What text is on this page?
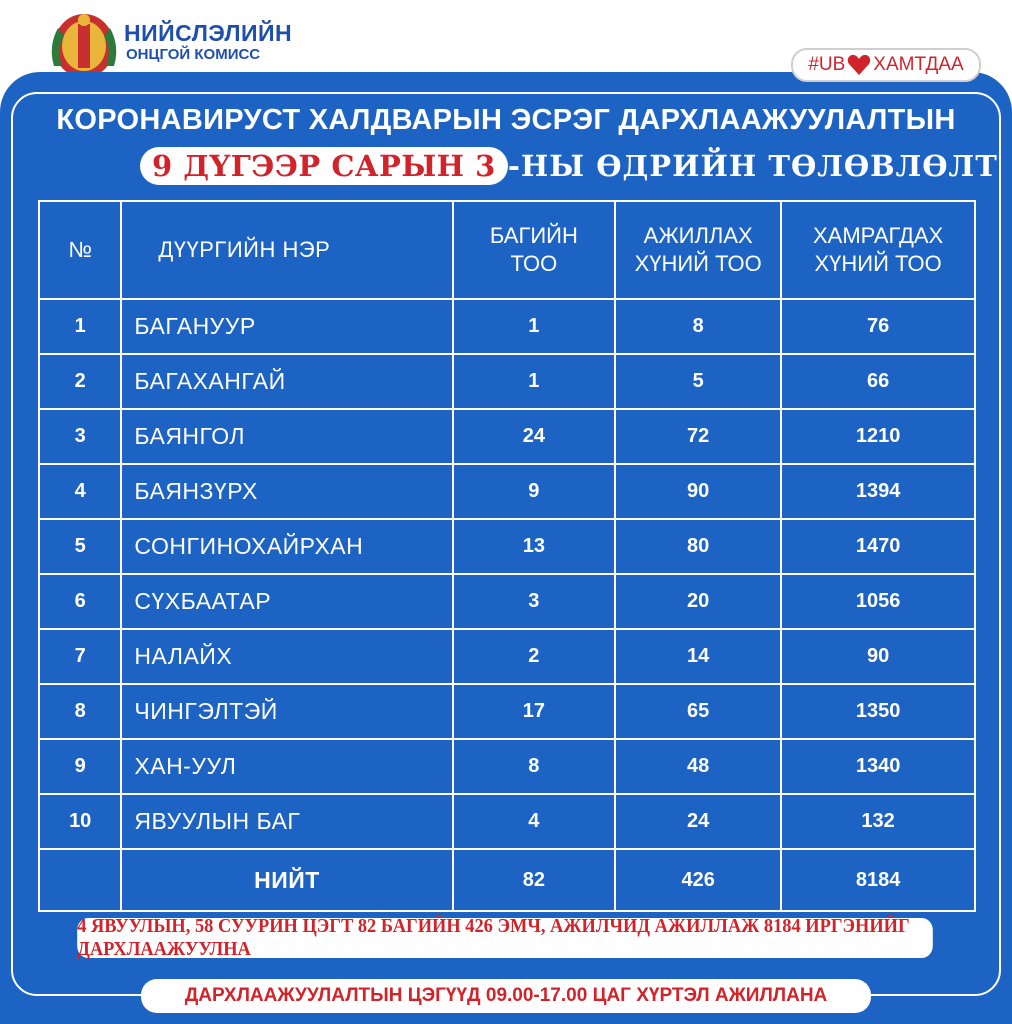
НИЙСЛЭЛИЙН
ОНЦГОЙ КОМИСС	#UB ХАМТДАА
КОРОНАВИРУСТ ХАЛДВАРЫН ЭСРЭГ ДАРХЛААЖУУЛАЛТЫН
9 ДҮГЭЭР САРЫН 3 -НЫ ӨДРИЙН ТӨЛӨВЛӨЛТ
№	ДҮҮРГИЙН НЭР	БАГИЙН ТОО	АЖИЛЛАХ ХҮНИЙ ТОО	ХАМРАГДАХ ХҮНИЙ ТОО

1	БАГАНУУР	1	8	76
2	БАГАХАНГАЙ	1	5	66
3	БАЯНГОЛ	24	72	1210
4	БАЯНЗҮРХ	9	90	1394
5	СОНГИНОХАЙРХАН	13	80	1470
6	СҮХБААТАР	3	20	1056
7	НАЛАЙХ	2	14	90
8	ЧИНГЭЛТЭЙ	17	65	1350
9	ХАН-УУЛ	8	48	1340
10	ЯВУУЛЫН БАГ	4	24	132
	НИЙТ	82	426	8184
4 ЯВУУЛЫН, 58 СУУРИН ЦЭГТ 82 БАГИЙН 426 ЭМЧ, АЖИЛЧИД АЖИЛЛАЖ 8184 ИРГЭНИЙГ ДАРХЛААЖУУЛНА
ДАРХЛААЖУУЛАЛТЫН ЦЭГҮҮД 09.00-17.00 ЦАГ ХҮРТЭЛ АЖИЛЛАНА
